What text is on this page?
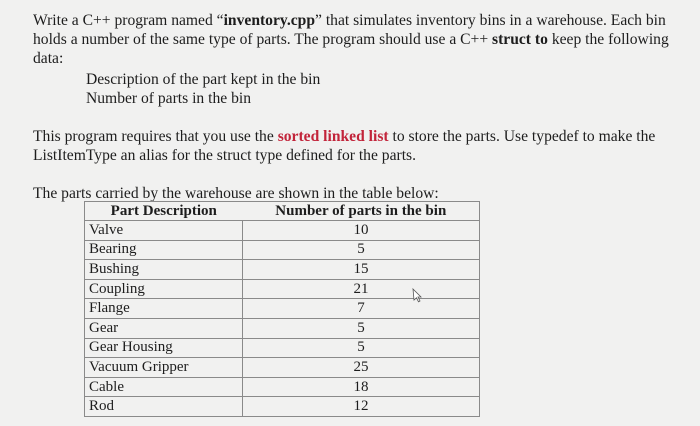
Write a C++ program named “inventory.cpp” that simulates inventory bins in a warehouse. Each bin holds a number of the same type of parts. The program should use a C++ struct to keep the following data:
Description of the part kept in the bin
Number of parts in the bin
This program requires that you use the sorted linked list to store the parts. Use typedef to make the ListItemType an alias for the struct type defined for the parts.
The parts carried by the warehouse are shown in the table below:
Part Description	Number of parts in the bin
Valve	10
Bearing	5
Bushing	15
Coupling	21
Flange	7
Gear	5
Gear Housing	5
Vacuum Gripper	25
Cable	18
Rod	12
